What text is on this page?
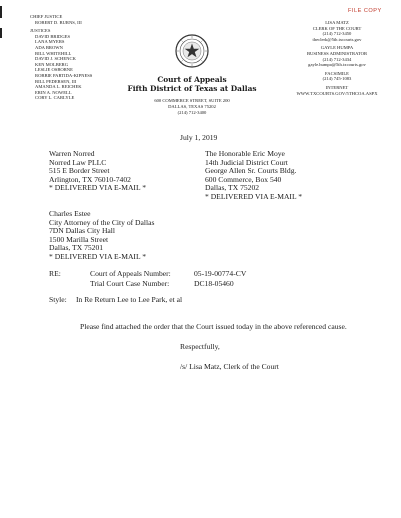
FILE COPY
CHIEF JUSTICE
ROBERT D. BURNS, III
JUSTICES
DAVID BRIDGES
LANA MYERS
ADA BROWN
BILL WHITEHILL
DAVID J. SCHENCK
KEN MOLBERG
LESLIE OSBORNE
ROBBIE PARTIDA-KIPNESS
BILL PEDERSEN, III
AMANDA L. REICHEK
ERIN A. NOWELL
CORY L. CARLYLE
Court of Appeals
Fifth District of Texas at Dallas
600 COMMERCE STREET, SUITE 200
DALLAS, TEXAS 75202
(214) 712-3400
LISA MATZ
CLERK OF THE COURT
(214) 712-3450
theclerk@5th.txcourts.gov
GAYLE HUMPA
BUSINESS ADMINISTRATOR
(214) 712-3434
gayle.humpa@5th.txcourts.gov
FACSIMILE
(214) 745-1083
INTERNET
WWW.TXCOURTS.GOV/5THCOA.ASPX
July 1, 2019
Warren Norred
Norred Law PLLC
515 E Border Street
Arlington, TX 76010-7402
* DELIVERED VIA E-MAIL *
The Honorable Eric Moye
14th Judicial District Court
George Allen Sr. Courts Bldg.
600 Commerce, Box 540
Dallas, TX 75202
* DELIVERED VIA E-MAIL *
Charles Estee
City Attorney of the City of Dallas
7DN Dallas City Hall
1500 Marilla Street
Dallas, TX 75201
* DELIVERED VIA E-MAIL *
RE:	Court of Appeals Number:	05-19-00774-CV
Trial Court Case Number:	DC18-05460
Style: In Re Return Lee to Lee Park, et al
Please find attached the order that the Court issued today in the above referenced cause.
Respectfully,
/s/ Lisa Matz, Clerk of the Court
